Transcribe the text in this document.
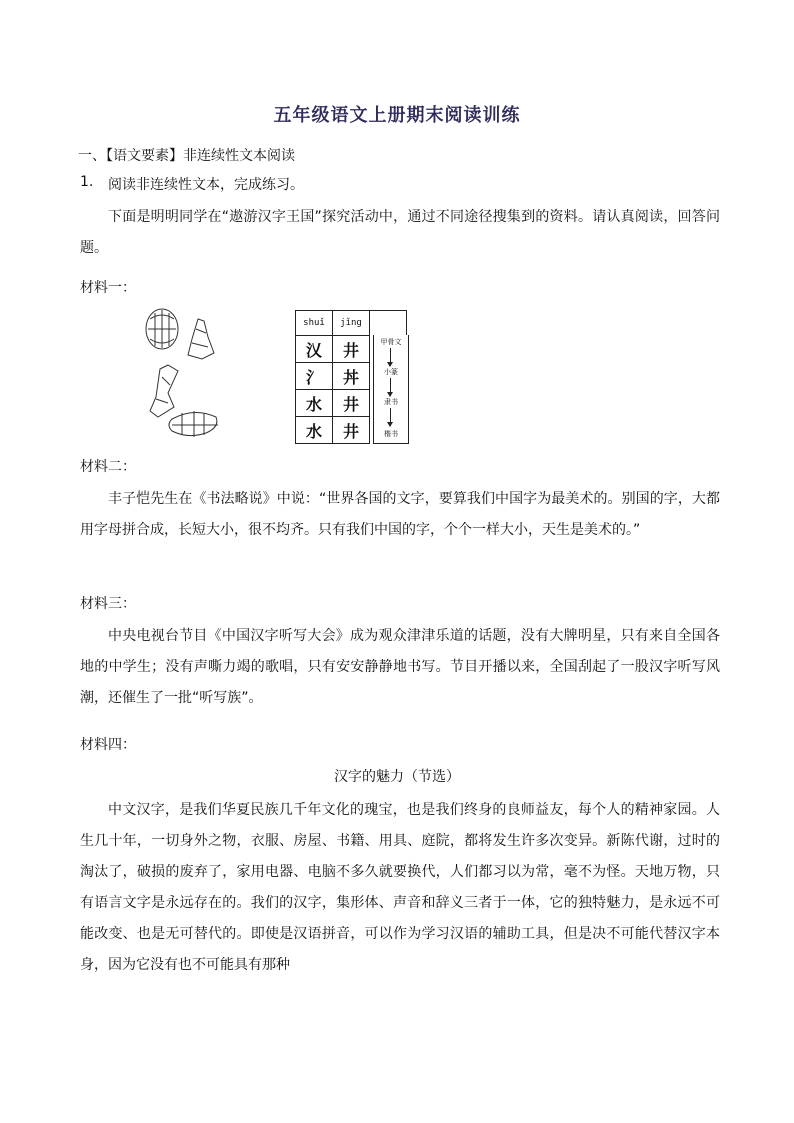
五年级语文上册期末阅读训练
一、【语文要素】非连续性文本阅读
1. 阅读非连续性文本，完成练习。
下面是明明同学在“遨游汉字王国”探究活动中，通过不同途径搜集到的资料。请认真阅读，回答问题。
材料一：
shuǐ	jǐng	
㲼	井	
氵	丼	
水	井	
水	井	
甲骨文
小篆
隶书
楷书
材料二：
丰子恺先生在《书法略说》中说：“世界各国的文字，要算我们中国字为最美术的。别国的字，大都用字母拼合成，长短大小，很不均齐。只有我们中国的字，个个一样大小，天生是美术的。”
材料三：
中央电视台节目《中国汉字听写大会》成为观众津津乐道的话题，没有大牌明星，只有来自全国各地的中学生；没有声嘶力竭的歌唱，只有安安静静地书写。节目开播以来，全国刮起了一股汉字听写风潮，还催生了一批“听写族”。
材料四：
汉字的魅力（节选）
中文汉字，是我们华夏民族几千年文化的瑰宝，也是我们终身的良师益友，每个人的精神家园。人生几十年，一切身外之物，衣服、房屋、书籍、用具、庭院，都将发生许多次变异。新陈代谢，过时的淘汰了，破损的废弃了，家用电器、电脑不多久就要换代，人们都习以为常，毫不为怪。天地万物，只有语言文字是永远存在的。我们的汉字，集形体、声音和辞义三者于一体，它的独特魅力，是永远不可能改变、也是无可替代的。即使是汉语拼音，可以作为学习汉语的辅助工具，但是决不可能代替汉字本身，因为它没有也不可能具有那种
